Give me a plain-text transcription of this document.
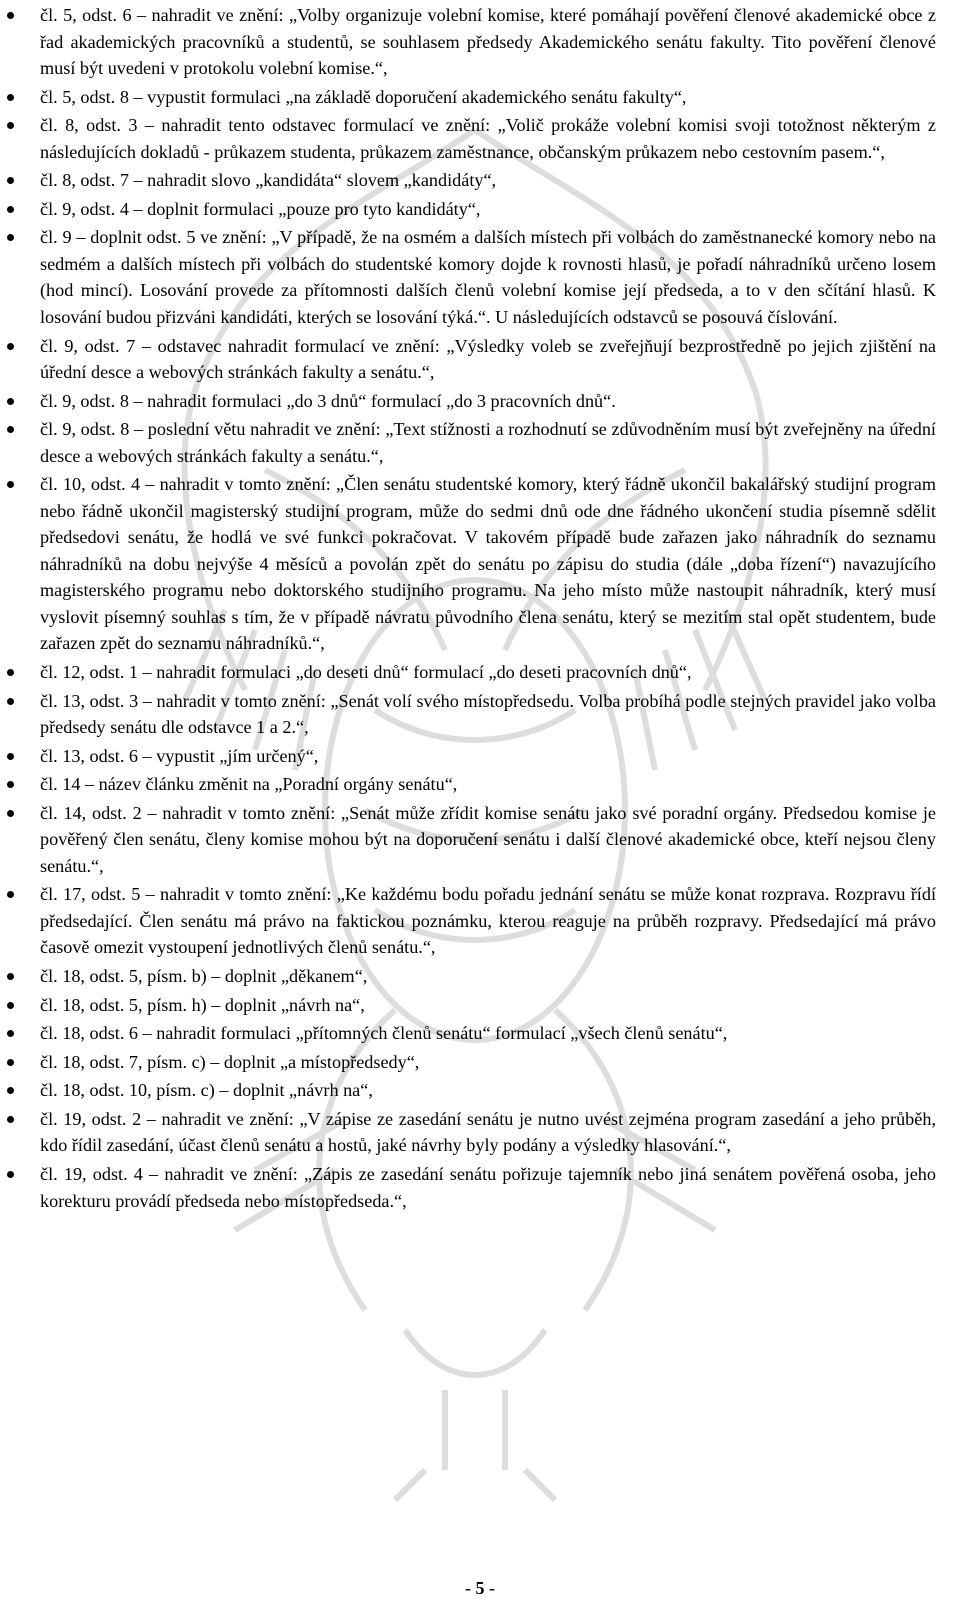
čl. 5, odst. 6 – nahradit ve znění: „Volby organizuje volební komise, které pomáhají pověření členové akademické obce z řad akademických pracovníků a studentů, se souhlasem předsedy Akademického senátu fakulty. Tito pověření členové musí být uvedeni v protokolu volební komise.“,
čl. 5, odst. 8 – vypustit formulaci „na základě doporučení akademického senátu fakulty“,
čl. 8, odst. 3 – nahradit tento odstavec formulací ve znění: „Volič prokáže volební komisi svoji totožnost některým z následujících dokladů - průkazem studenta, průkazem zaměstnance, občanským průkazem nebo cestovním pasem.“,
čl. 8, odst. 7 – nahradit slovo „kandidáta“ slovem „kandidáty“,
čl. 9, odst. 4 – doplnit formulaci „pouze pro tyto kandidáty“,
čl. 9 – doplnit odst. 5 ve znění: „V případě, že na osmém a dalších místech při volbách do zaměstnanecké komory nebo na sedmém a dalších místech při volbách do studentské komory dojde k rovnosti hlasů, je pořadí náhradníků určeno losem (hod mincí). Losování provede za přítomnosti dalších členů volební komise její předseda, a to v den sčítání hlasů. K losování budou přizváni kandidáti, kterých se losování týká.“. U následujících odstavců se posouvá číslování.
čl. 9, odst. 7 – odstavec nahradit formulací ve znění: „Výsledky voleb se zveřejňují bezprostředně po jejich zjištění na úřední desce a webových stránkách fakulty a senátu.“,
čl. 9, odst. 8 – nahradit formulaci „do 3 dnů“ formulací „do 3 pracovních dnů“.
čl. 9, odst. 8 – poslední větu nahradit ve znění: „Text stížnosti a rozhodnutí se zdůvodněním musí být zveřejněny na úřední desce a webových stránkách fakulty a senátu.“,
čl. 10, odst. 4 – nahradit v tomto znění: „Člen senátu studentské komory, který řádně ukončil bakalářský studijní program nebo řádně ukončil magisterský studijní program, může do sedmi dnů ode dne řádného ukončení studia písemně sdělit předsedovi senátu, že hodlá ve své funkci pokračovat. V takovém případě bude zařazen jako náhradník do seznamu náhradníků na dobu nejvýše 4 měsíců a povolán zpět do senátu po zápisu do studia (dále „doba řízení“) navazujícího magisterského programu nebo doktorského studijního programu. Na jeho místo může nastoupit náhradník, který musí vyslovit písemný souhlas s tím, že v případě návratu původního člena senátu, který se mezitím stal opět studentem, bude zařazen zpět do seznamu náhradníků.“,
čl. 12, odst. 1 – nahradit formulaci „do deseti dnů“ formulací „do deseti pracovních dnů“,
čl. 13, odst. 3 – nahradit v tomto znění: „Senát volí svého místopředsedu. Volba probíhá podle stejných pravidel jako volba předsedy senátu dle odstavce 1 a 2.“,
čl. 13, odst. 6 – vypustit „jím určený“,
čl. 14 – název článku změnit na „Poradní orgány senátu“,
čl. 14, odst. 2 – nahradit v tomto znění: „Senát může zřídit komise senátu jako své poradní orgány. Předsedou komise je pověřený člen senátu, členy komise mohou být na doporučení senátu i další členové akademické obce, kteří nejsou členy senátu.“,
čl. 17, odst. 5 – nahradit v tomto znění: „Ke každému bodu pořadu jednání senátu se může konat rozprava. Rozpravu řídí předsedající. Člen senátu má právo na faktickou poznámku, kterou reaguje na průběh rozpravy. Předsedající má právo časově omezit vystoupení jednotlivých členů senátu.“,
čl. 18, odst. 5, písm. b) – doplnit „děkanem“,
čl. 18, odst. 5, písm. h) – doplnit „návrh na“,
čl. 18, odst. 6 – nahradit formulaci „přítomných členů senátu“ formulací „všech členů senátu“,
čl. 18, odst. 7, písm. c) – doplnit „a místopředsedy“,
čl. 18, odst. 10, písm. c) – doplnit „návrh na“,
čl. 19, odst. 2 – nahradit ve znění: „V zápise ze zasedání senátu je nutno uvést zejména program zasedání a jeho průběh, kdo řídil zasedání, účast členů senátu a hostů, jaké návrhy byly podány a výsledky hlasování.“,
čl. 19, odst. 4 – nahradit ve znění: „Zápis ze zasedání senátu pořizuje tajemník nebo jiná senátem pověřená osoba, jeho korekturu provádí předseda nebo místopředseda.“,
- 5 -
